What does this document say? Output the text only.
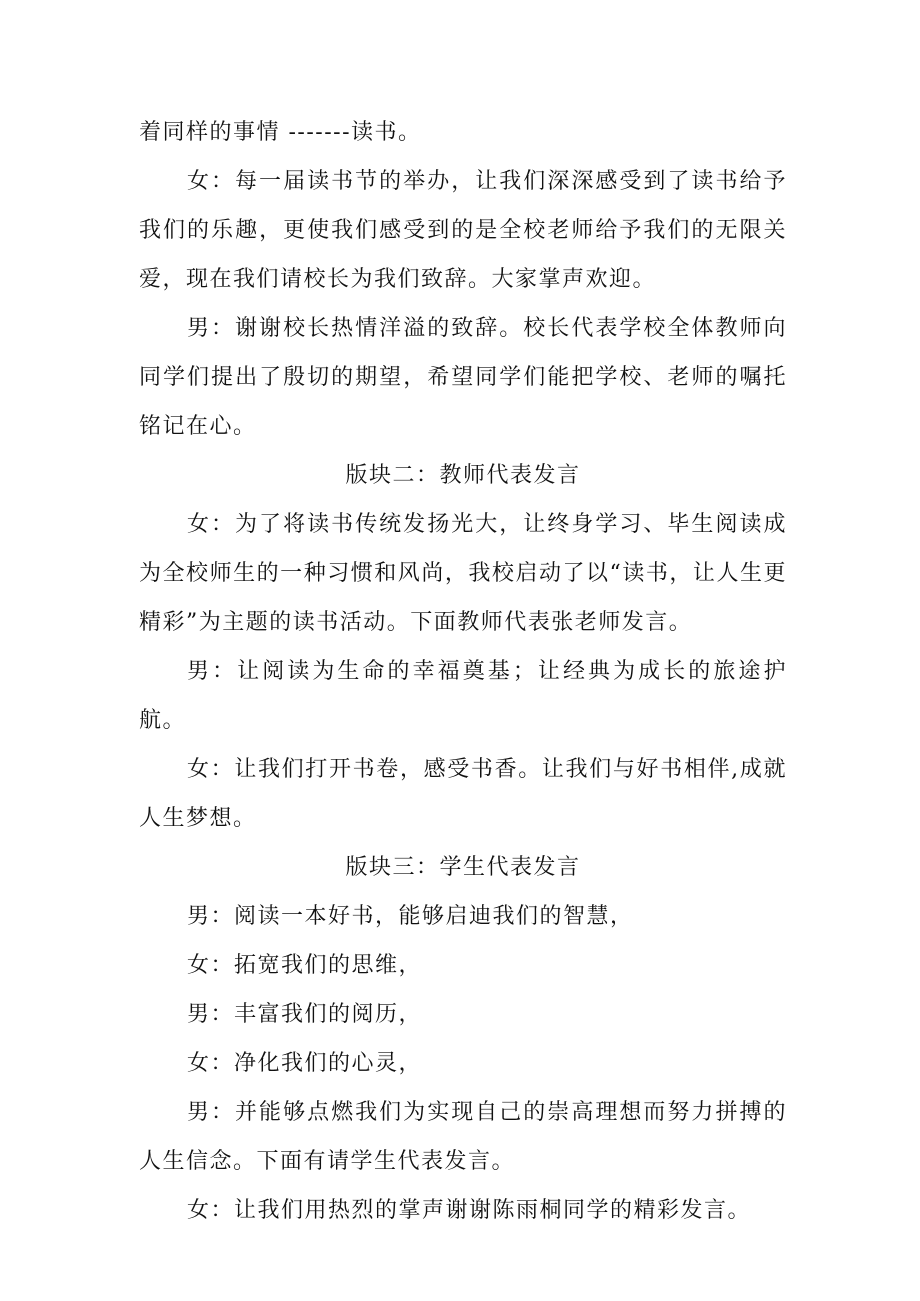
着同样的事情 -------读书。

女：每一届读书节的举办，让我们深深感受到了读书给予我们的乐趣，更使我们感受到的是全校老师给予我们的无限关爱，现在我们请校长为我们致辞。大家掌声欢迎。

男：谢谢校长热情洋溢的致辞。校长代表学校全体教师向同学们提出了殷切的期望，希望同学们能把学校、老师的嘱托铭记在心。

版块二：教师代表发言

女：为了将读书传统发扬光大，让终身学习、毕生阅读成为全校师生的一种习惯和风尚，我校启动了以“读书，让人生更精彩”为主题的读书活动。下面教师代表张老师发言。

男：让阅读为生命的幸福奠基；让经典为成长的旅途护航。

女：让我们打开书卷，感受书香。让我们与好书相伴,成就人生梦想。

版块三：学生代表发言

男：阅读一本好书，能够启迪我们的智慧，

女：拓宽我们的思维，

男：丰富我们的阅历，

女：净化我们的心灵，

男：并能够点燃我们为实现自己的崇高理想而努力拼搏的人生信念。下面有请学生代表发言。

女：让我们用热烈的掌声谢谢陈雨桐同学的精彩发言。
